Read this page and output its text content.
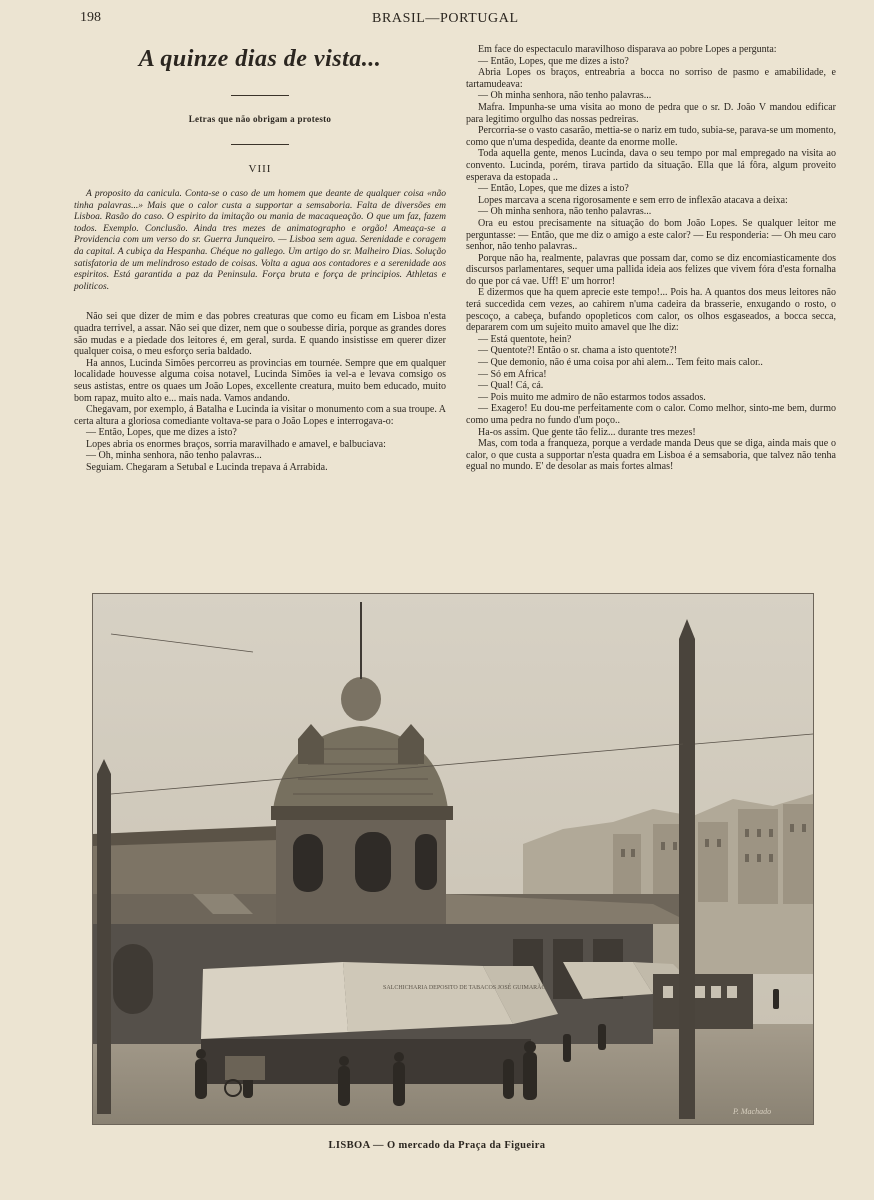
198	BRASIL—PORTUGAL
A quinze dias de vista...
Letras que não obrigam a protesto
VIII
A proposito da canicula. Conta-se o caso de um homem que deante de qualquer coisa «não tinha palavras...» Mais que o calor custa a supportar a semsaboria. Falta de diversões em Lisboa. Rasão do caso. O espirito da imitação ou mania de macaqueação. O que um faz, fazem todos. Exemplo. Conclusão. Ainda tres mezes de animatographo e orgão! Ameaça-se a Providencia com um verso do sr. Guerra Junqueiro. — Lisboa sem agua. Serenidade e coragem da capital. A cubiça da Hespanha. Chéque no gallego. Um artigo do sr. Malheiro Dias. Solução satisfatoria de um melindroso estado de coisas. Volta a agua aos contadores e a serenidade aos espiritos. Está garantida a paz da Peninsula. Força bruta e força de principios. Athletas e politicos.

Não sei que dizer de mim e das pobres creaturas que como eu ficam em Lisboa n'esta quadra terrivel, a assar. Não sei que dizer, nem que o soubesse diria, porque as grandes dores são mudas e a piedade dos leitores é, em geral, surda. E quando insistisse em querer dizer qualquer coisa, o meu esforço seria baldado.

Ha annos, Lucinda Simões percorreu as provincias em tournée. Sempre que em qualquer localidade houvesse alguma coisa notavel, Lucinda Simões ia vel-a e levava comsigo os seus astistas, entre os quaes um João Lopes, excellente creatura, muito bem educado, muito bom rapaz, muito alto e... mais nada. Vamos andando.

Chegavam, por exemplo, á Batalha e Lucinda ia visitar o monumento com a sua troupe. A certa altura a gloriosa comediante voltava-se para o João Lopes e interrogava-o:

— Então, Lopes, que me dizes a isto?

Lopes abria os enormes braços, sorria maravilhado e amavel, e balbuciava:

— Oh, minha senhora, não tenho palavras...

Seguiam. Chegaram a Setubal e Lucinda trepava á Arrabida.

Em face do espectaculo maravilhoso disparava ao pobre Lopes a pergunta:

— Então, Lopes, que me dizes a isto?

Abria Lopes os braços, entreabria a bocca no sorriso de pasmo e amabilidade, e tartamudeava:

— Oh minha senhora, não tenho palavras...

Mafra. Impunha-se uma visita ao mono de pedra que o sr. D. João V mandou edificar para legitimo orgulho das nossas pedreiras.

Percorria-se o vasto casarão, mettia-se o nariz em tudo, subia-se, parava-se um momento, como que n'uma despedida, deante da enorme molle.

Toda aquella gente, menos Lucinda, dava o seu tempo por mal empregado na visita ao convento. Lucinda, porém, tirava partido da situação. Ella que lá fôra, algum proveito esperava da estopada ..

— Então, Lopes, que me dizes a isto?

Lopes marcava a scena rigorosamente e sem erro de inflexão atacava a deixa:

— Oh minha senhora, não tenho palavras...

Ora eu estou precisamente na situação do bom João Lopes. Se qualquer leitor me perguntasse: — Então, que me diz o amigo a este calor? — Eu responderia: — Oh meu caro senhor, não tenho palavras..

Porque não ha, realmente, palavras que possam dar, como se diz encomiasticamente dos discursos parlamentares, sequer uma pallida ideia aos felizes que vivem fóra d'esta fornalha do que por cá vae. Uff! E' um horror!

E dizermos que ha quem aprecie este tempo!... Pois ha. A quantos dos meus leitores não terá succedida cem vezes, ao cahirem n'uma cadeira da brasserie, enxugando o rosto, o pescoço, a cabeça, bufando opopleticos com calor, os olhos esgaseados, a bocca secca, depararem com um sujeito muito amavel que lhe diz:

— Está quentote, hein?

— Quentote?! Então o sr. chama a isto quentote?!

— Que demonio, não é uma coisa por ahi alem... Tem feito mais calor..

— Só em Africa!

— Qual! Cá, cá.

— Pois muito me admiro de não estarmos todos assados.

— Exagero! Eu dou-me perfeitamente com o calor. Como melhor, sinto-me bem, durmo como uma pedra no fundo d'um poço..

Ha-os assim. Que gente tão feliz... durante tres mezes!

Mas, com toda a franqueza, porque a verdade manda Deus que se diga, ainda mais que o calor, o que custa a supportar n'esta quadra em Lisboa é a semsaboria, que talvez não tenha egual no mundo. E' de desolar as mais fortes almas!

SALCHICHARIA DEPOSITO DE TABACOS JOSÉ GUIMARÃO
P. Machado
LISBOA — O mercado da Praça da Figueira
